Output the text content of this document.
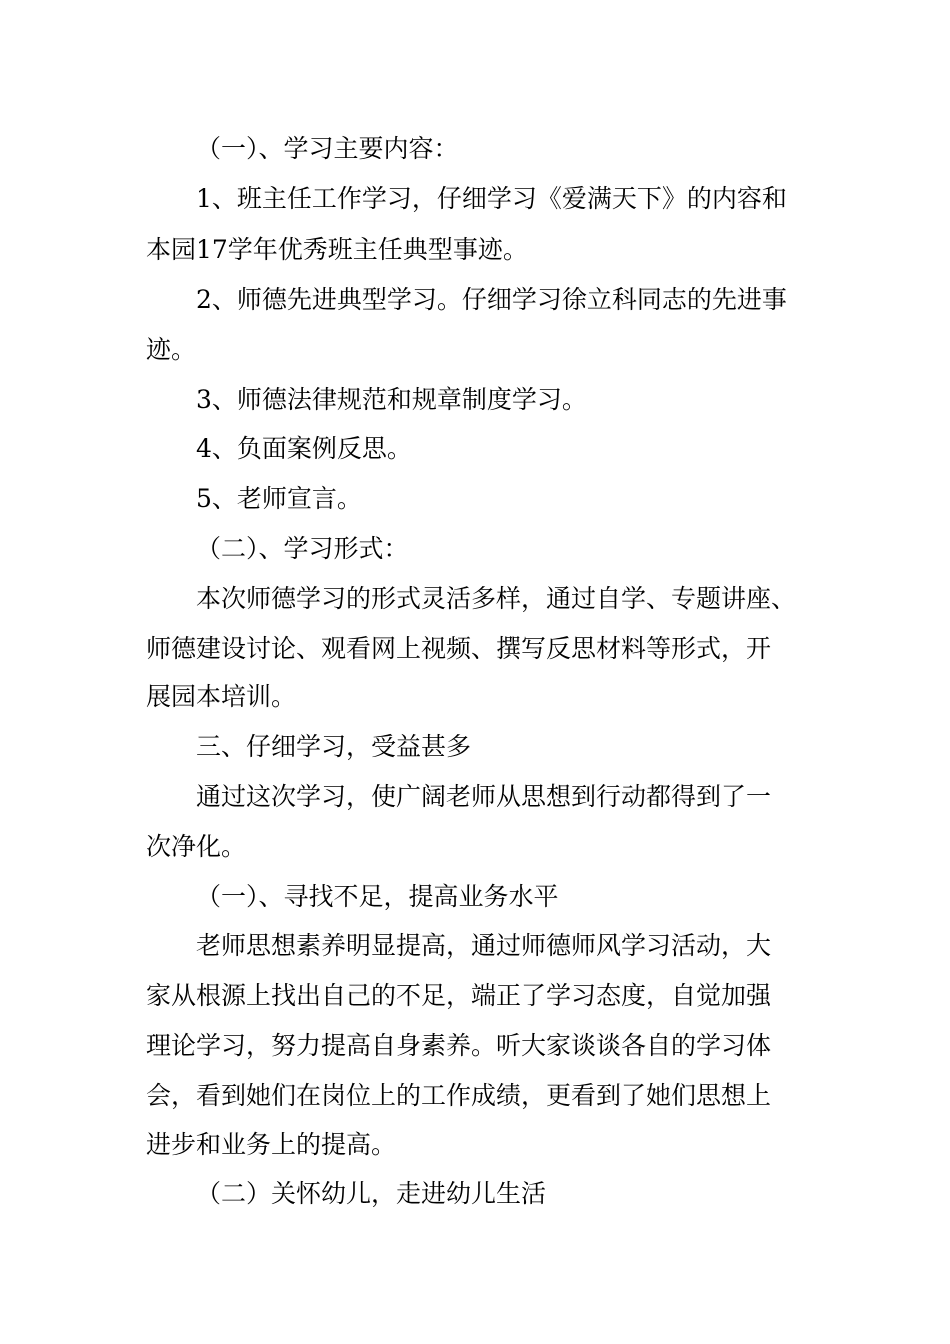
（一）、学习主要内容：
1、班主任工作学习，仔细学习《爱满天下》的内容和
本园17学年优秀班主任典型事迹。
2、师德先进典型学习。仔细学习徐立科同志的先进事
迹。
3、师德法律规范和规章制度学习。
4、负面案例反思。
5、老师宣言。
（二）、学习形式：
本次师德学习的形式灵活多样，通过自学、专题讲座、
师德建设讨论、观看网上视频、撰写反思材料等形式，开
展园本培训。
三、仔细学习，受益甚多
通过这次学习，使广阔老师从思想到行动都得到了一
次净化。
（一）、寻找不足，提高业务水平
老师思想素养明显提高，通过师德师风学习活动，大
家从根源上找出自己的不足，端正了学习态度，自觉加强
理论学习，努力提高自身素养。听大家谈谈各自的学习体
会，看到她们在岗位上的工作成绩，更看到了她们思想上
进步和业务上的提高。
（二）关怀幼儿，走进幼儿生活
